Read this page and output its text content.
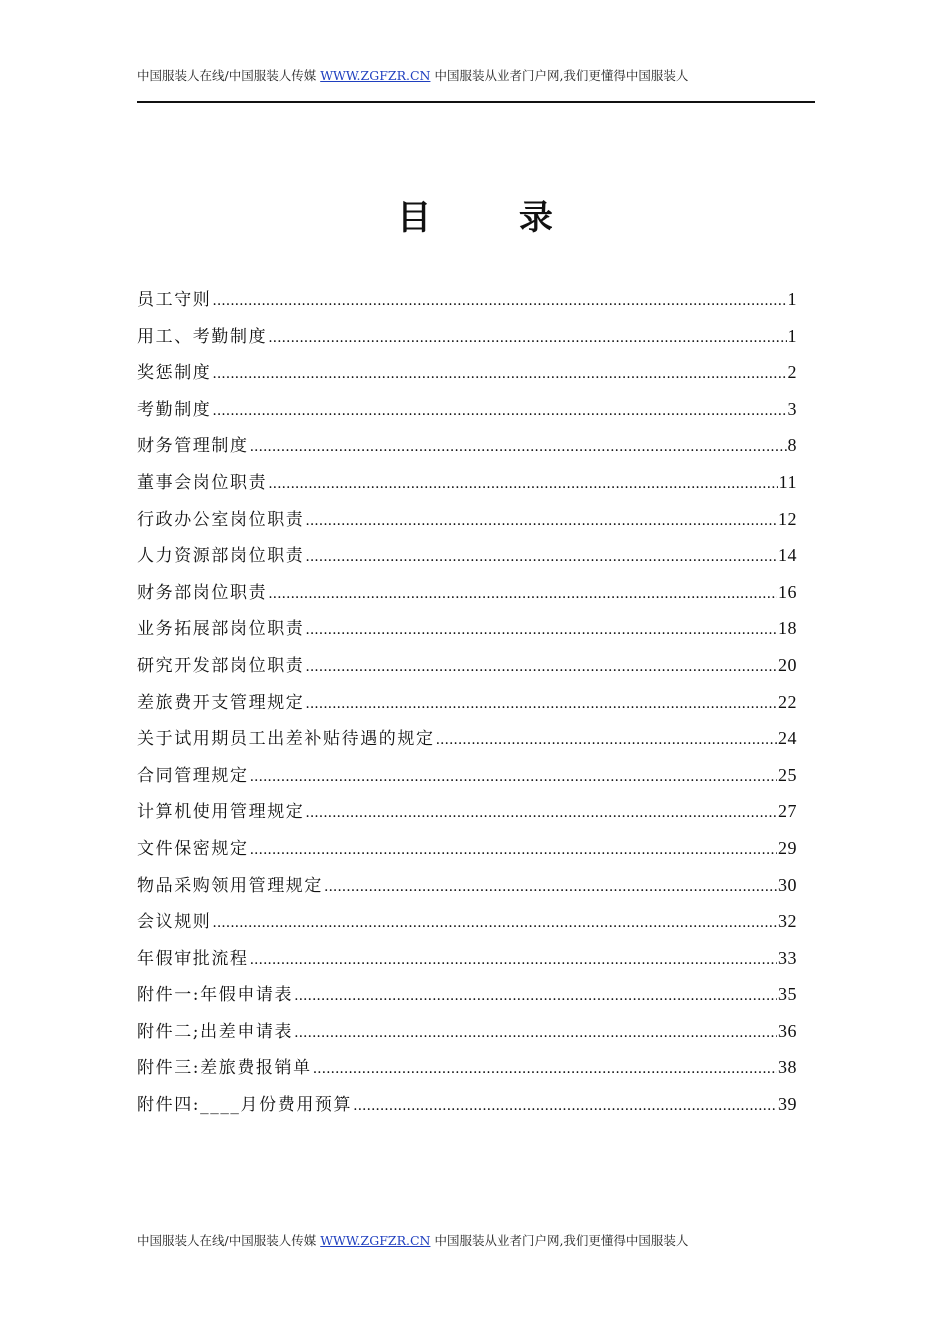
中国服装人在线/中国服装人传媒 WWW.ZGFZR.CN 中国服装从业者门户网,我们更懂得中国服装人
目 录
员工守则 .....	1
用工、考勤制度 .....	1
奖惩制度 .....	2
考勤制度 .....	3
财务管理制度 .....	8
董事会岗位职责 .....	11
行政办公室岗位职责 .....	12
人力资源部岗位职责 .....	14
财务部岗位职责 .....	16
业务拓展部岗位职责 .....	18
研究开发部岗位职责 .....	20
差旅费开支管理规定 .....	22
关于试用期员工出差补贴待遇的规定 .....	24
合同管理规定 .....	25
计算机使用管理规定 .....	27
文件保密规定 .....	29
物品采购领用管理规定 .....	30
会议规则 .....	32
年假审批流程 .....	33
附件一:年假申请表 .....	35
附件二;出差申请表 .....	36
附件三:差旅费报销单 .....	38
附件四:____月份费用预算 .....	39
中国服装人在线/中国服装人传媒 WWW.ZGFZR.CN 中国服装从业者门户网,我们更懂得中国服装人
